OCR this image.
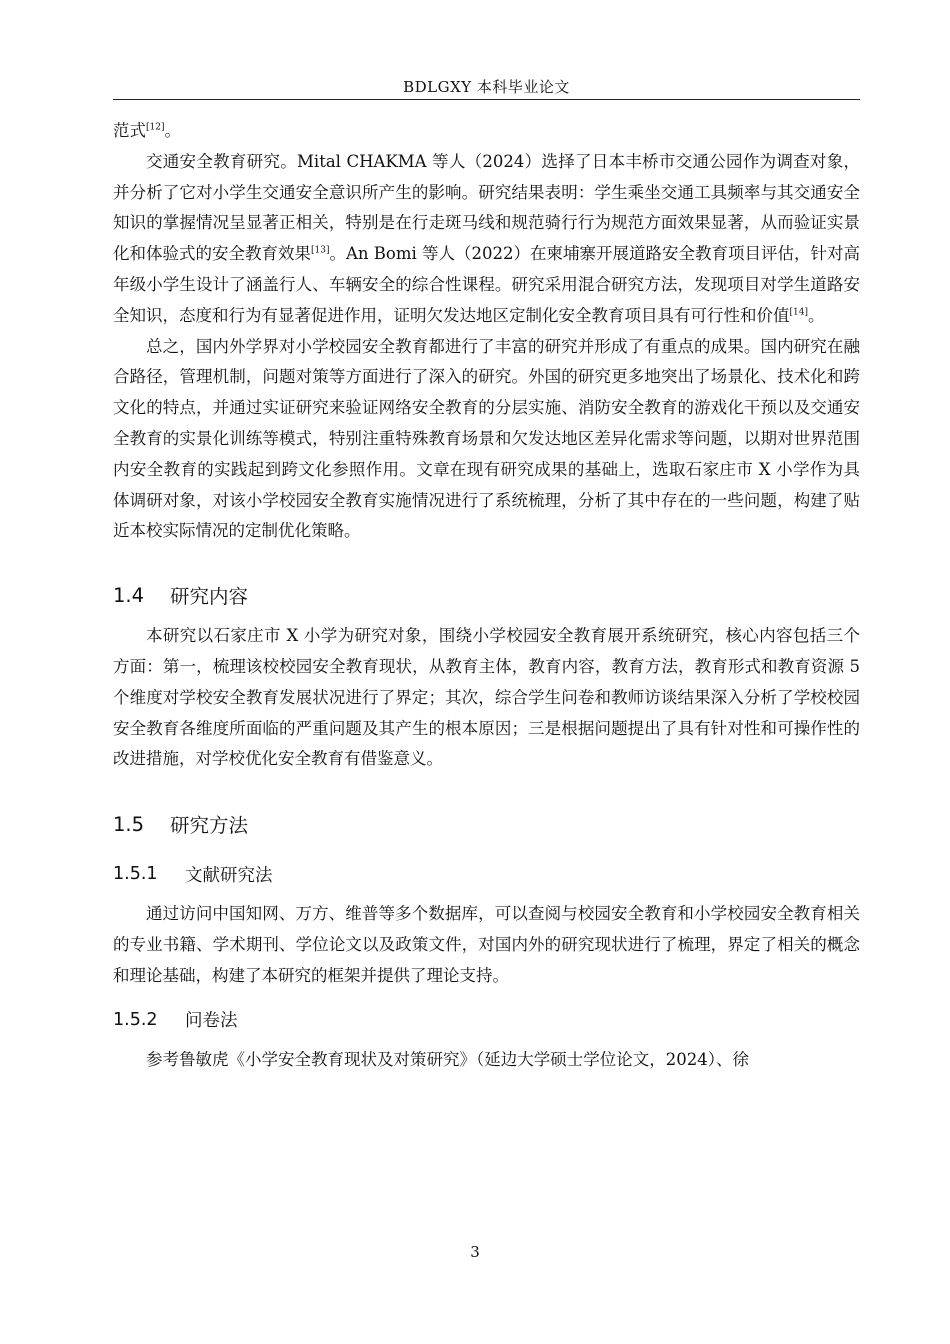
BDLGXY 本科毕业论文

范式[12]。

交通安全教育研究。Mital CHAKMA 等人（2024）选择了日本丰桥市交通公园作为调查对象，并分析了它对小学生交通安全意识所产生的影响。研究结果表明：学生乘坐交通工具频率与其交通安全知识的掌握情况呈显著正相关，特别是在行走斑马线和规范骑行行为规范方面效果显著，从而验证实景化和体验式的安全教育效果[13]。An Bomi 等人（2022）在柬埔寨开展道路安全教育项目评估，针对高年级小学生设计了涵盖行人、车辆安全的综合性课程。研究采用混合研究方法，发现项目对学生道路安全知识，态度和行为有显著促进作用，证明欠发达地区定制化安全教育项目具有可行性和价值[14]。

总之，国内外学界对小学校园安全教育都进行了丰富的研究并形成了有重点的成果。国内研究在融合路径，管理机制，问题对策等方面进行了深入的研究。外国的研究更多地突出了场景化、技术化和跨文化的特点，并通过实证研究来验证网络安全教育的分层实施、消防安全教育的游戏化干预以及交通安全教育的实景化训练等模式，特别注重特殊教育场景和欠发达地区差异化需求等问题，以期对世界范围内安全教育的实践起到跨文化参照作用。文章在现有研究成果的基础上，选取石家庄市 X 小学作为具体调研对象，对该小学校园安全教育实施情况进行了系统梳理，分析了其中存在的一些问题，构建了贴近本校实际情况的定制优化策略。

1.4	研究内容

本研究以石家庄市 X 小学为研究对象，围绕小学校园安全教育展开系统研究，核心内容包括三个方面：第一，梳理该校校园安全教育现状，从教育主体，教育内容，教育方法，教育形式和教育资源 5 个维度对学校安全教育发展状况进行了界定；其次，综合学生问卷和教师访谈结果深入分析了学校校园安全教育各维度所面临的严重问题及其产生的根本原因；三是根据问题提出了具有针对性和可操作性的改进措施，对学校优化安全教育有借鉴意义。

1.5	研究方法
1.5.1	文献研究法

通过访问中国知网、万方、维普等多个数据库，可以查阅与校园安全教育和小学校园安全教育相关的专业书籍、学术期刊、学位论文以及政策文件，对国内外的研究现状进行了梳理，界定了相关的概念和理论基础，构建了本研究的框架并提供了理论支持。

1.5.2	问卷法

参考鲁敏虎《小学安全教育现状及对策研究》（延边大学硕士学位论文，2024）、徐

3
